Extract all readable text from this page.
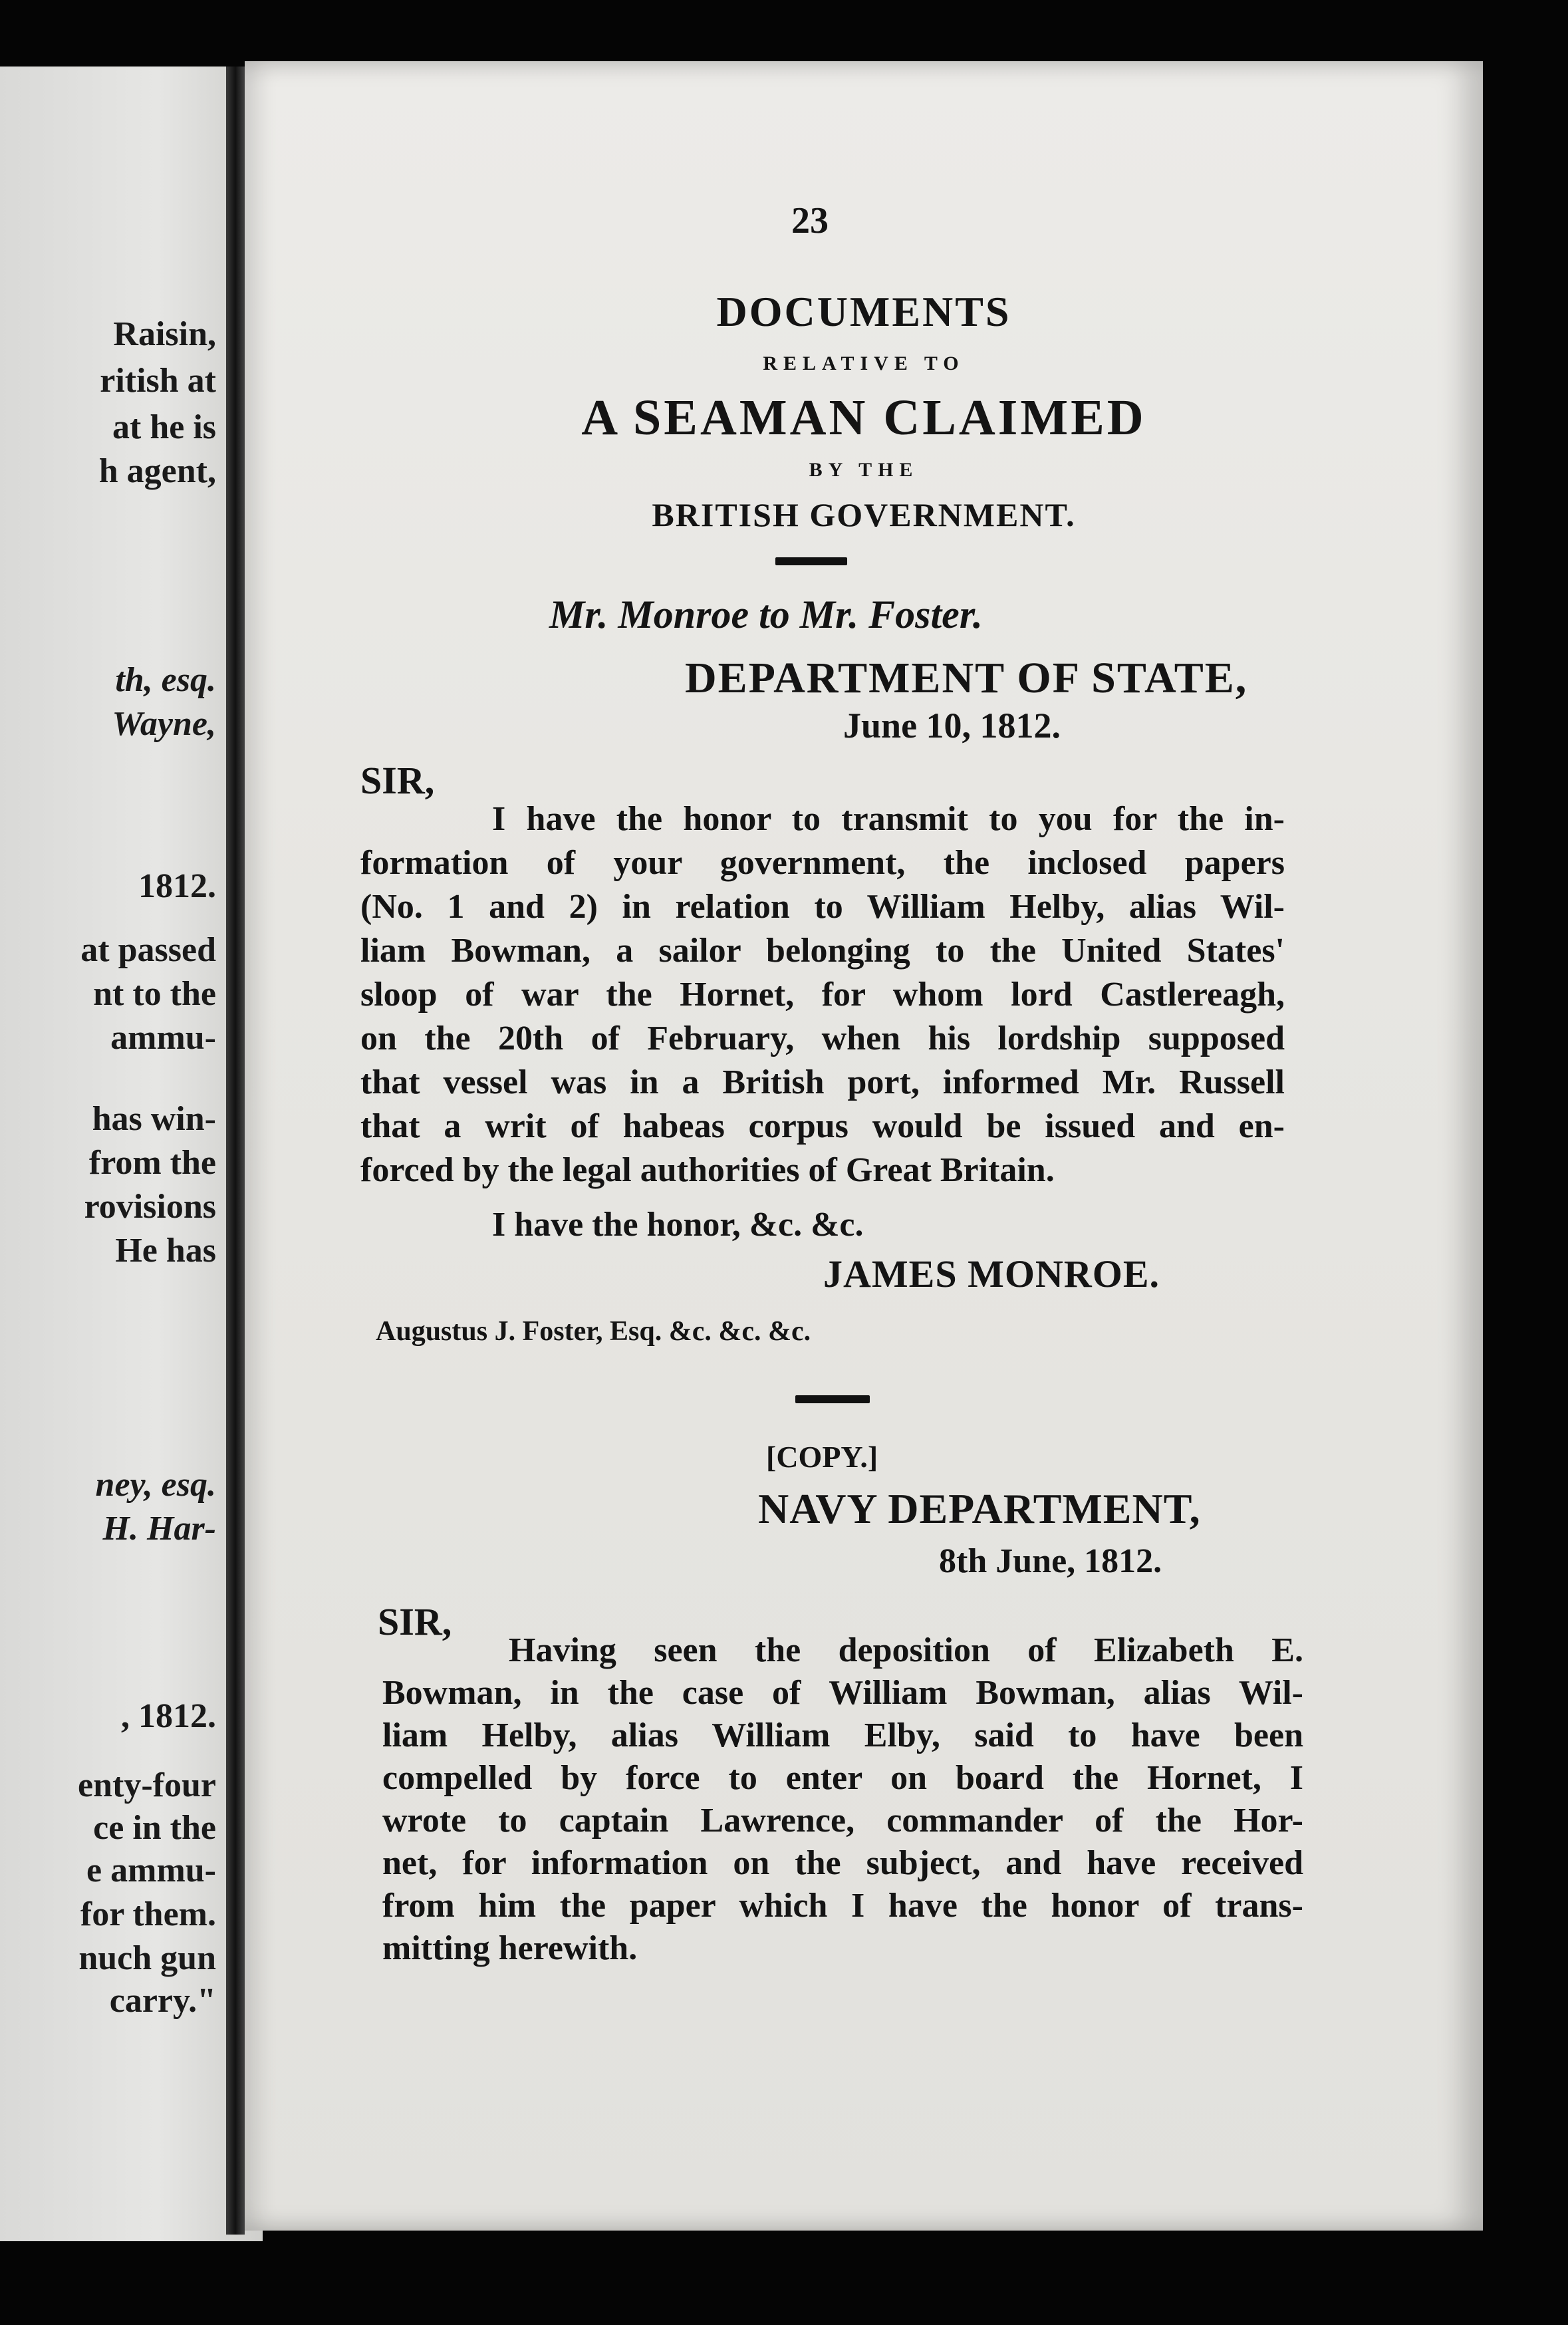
Raisin,
ritish at
at he is
h agent,
th, esq.
Wayne,
1812.
at passed
nt to the
ammu-
has win-
from the
rovisions
He has
ney, esq.
H. Har-
, 1812.
enty-four
ce in the
e ammu-
for them.
nuch gun
carry."
23
DOCUMENTS
RELATIVE TO
A SEAMAN CLAIMED
BY THE
BRITISH GOVERNMENT.
Mr. Monroe to Mr. Foster.
DEPARTMENT OF STATE,
June 10, 1812.
SIR,
I have the honor to transmit to you for the in-
formation of your government, the inclosed papers
(No. 1 and 2) in relation to William Helby, alias Wil-
liam Bowman, a sailor belonging to the United States'
sloop of war the Hornet, for whom lord Castlereagh,
on the 20th of February, when his lordship supposed
that vessel was in a British port, informed Mr. Russell
that a writ of habeas corpus would be issued and en-
forced by the legal authorities of Great Britain.
I have the honor, &c. &c.
JAMES MONROE.
Augustus J. Foster, Esq. &c. &c. &c.
[COPY.]
NAVY DEPARTMENT,
8th June, 1812.
SIR,
Having seen the deposition of Elizabeth E.
Bowman, in the case of William Bowman, alias Wil-
liam Helby, alias William Elby, said to have been
compelled by force to enter on board the Hornet, I
wrote to captain Lawrence, commander of the Hor-
net, for information on the subject, and have received
from him the paper which I have the honor of trans-
mitting herewith.
